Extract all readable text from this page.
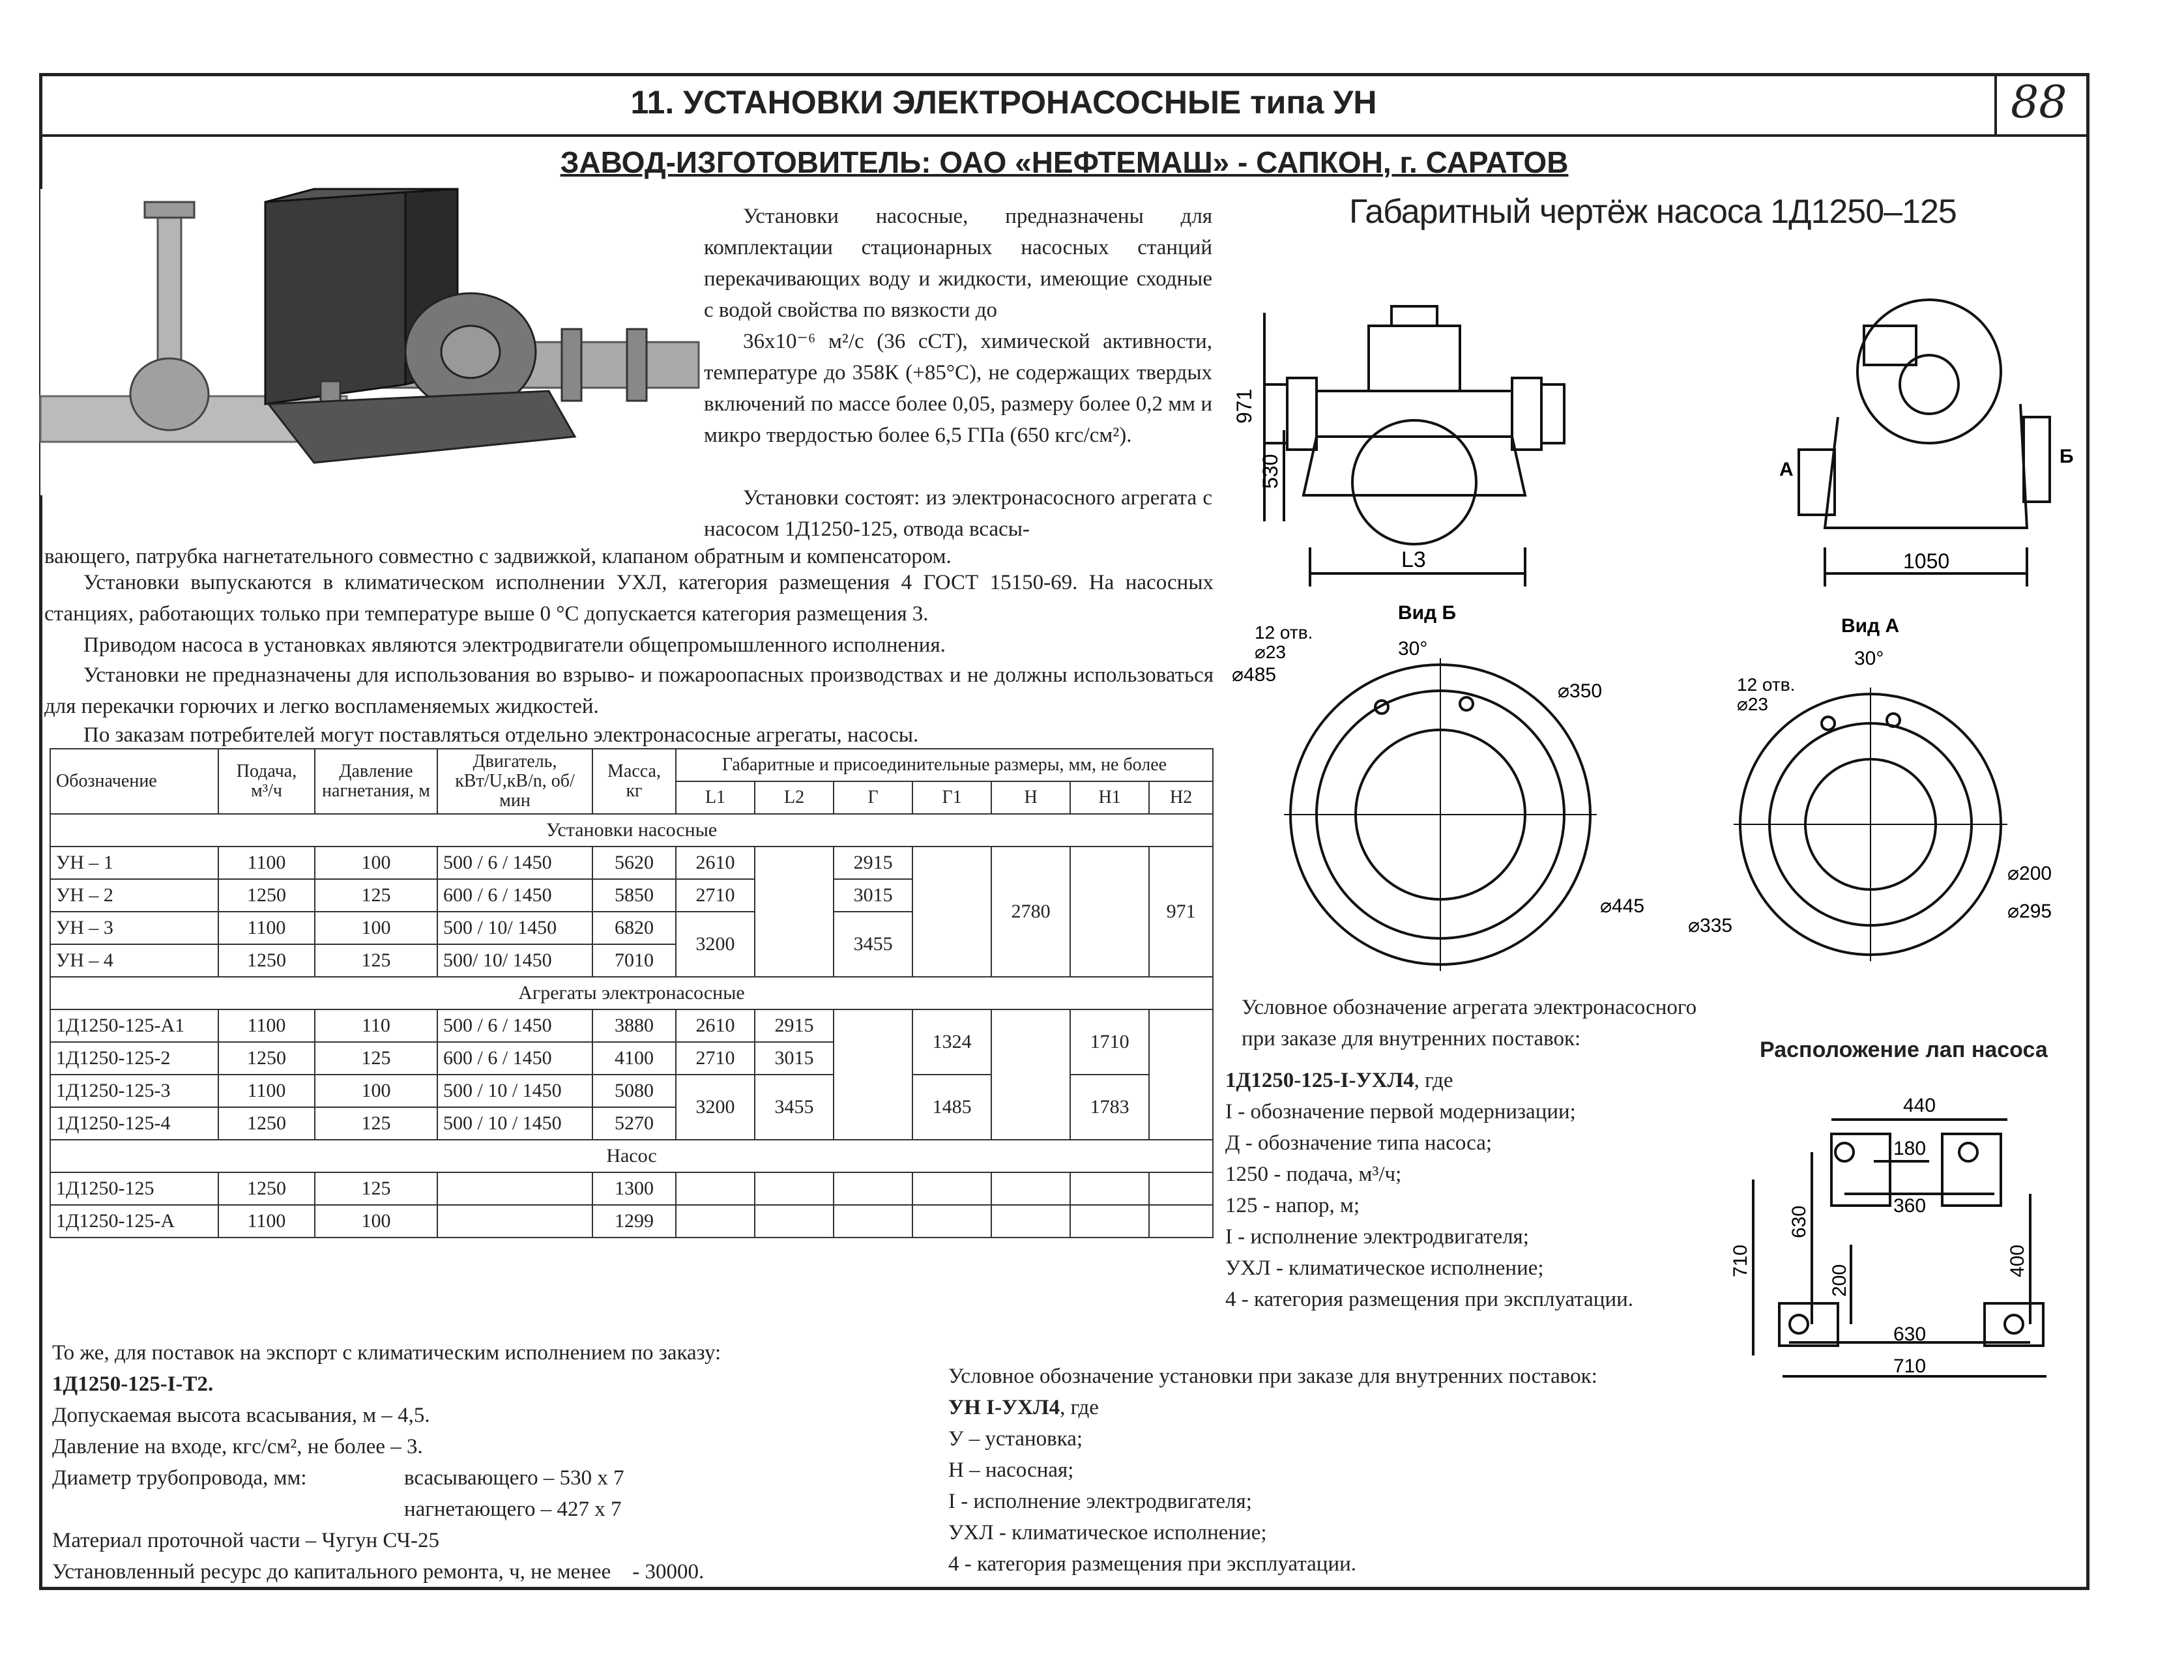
11. УСТАНОВКИ ЭЛЕКТРОНАСОСНЫЕ типа УН	88
ЗАВОД-ИЗГОТОВИТЕЛЬ: ОАО «НЕФТЕМАШ» - САПКОН, г. САРАТОВ
Установки насосные, предназначены для комплектации стационарных насосных станций перекачивающих воду и жидкости, имеющие сходные с водой свойства по вязкости до
36х10⁻⁶ м²/с (36 сСТ), химической активности, температуре до 358К (+85°С), не содержащих твердых включений по массе более 0,05, размеру более 0,2 мм и микро твердостью более 6,5 ГПа (650 кгс/см²).
Установки состоят: из электронасосного агрегата с насосом 1Д1250-125, отвода всасы-
вающего, патрубка нагнетательного совместно с задвижкой, клапаном обратным и компенсатором.
Установки выпускаются в климатическом исполнении УХЛ, категория размещения 4 ГОСТ 15150-69. На насосных станциях, работающих только при температуре выше 0 °С допускается категория размещения 3.
Приводом насоса в установках являются электродвигатели общепромышленного исполнения.
Установки не предназначены для использования во взрыво- и пожароопасных производствах и не должны использоваться для перекачки горючих и легко воспламеняемых жидкостей.
По заказам потребителей могут поставляться отдельно электронасосные агрегаты, насосы.
Габаритный чертёж насоса 1Д1250–125
971
530
L3
А
Б
1050
Вид Б
12 отв.
⌀23
⌀485
30°
⌀350
⌀445
Вид А
12 отв.
⌀23
30°
⌀200
⌀295
⌀335
Обозначение	Подача, м³/ч	Давление нагнетания, м	Двигатель, кВт/U,кВ/n, об/мин	Масса, кг	Габаритные и присоединительные размеры, мм, не более						
					L1	L2	Г	Г1	Н	Н1	Н2
Установки насосные											
УН – 1	1100	100	500 / 6 / 1450	5620	2610		2915		2780		971
УН – 2	1250	125	600 / 6 / 1450	5850	2710		3015				
УН – 3	1100	100	500 / 10/ 1450	6820	3200		3455				
УН – 4	1250	125	500/ 10/ 1450	7010							
Агрегаты электронасосные											
1Д1250-125-А1	1100	110	500 / 6 / 1450	3880	2610	2915		1324		1710	
1Д1250-125-2	1250	125	600 / 6 / 1450	4100	2710	3015					
1Д1250-125-3	1100	100	500 / 10 / 1450	5080	3200	3455		1485		1783	
1Д1250-125-4	1250	125	500 / 10 / 1450	5270							
Насос											
1Д1250-125	1250	125		1300							
1Д1250-125-А	1100	100		1299							
Условное обозначение агрегата электронасосного
при заказе для внутренних поставок:
1Д1250-125-I-УХЛ4, где
I - обозначение первой модернизации;
Д - обозначение типа насоса;
1250 - подача, м³/ч;
125 - напор, м;
I - исполнение электродвигателя;
УХЛ - климатическое исполнение;
4 - категория размещения при эксплуатации.
Расположение лап насоса
440
180
360
630
710
200
400
630
710
То же, для поставок на экспорт с климатическим исполнением по заказу:
1Д1250-125-I-Т2.
Допускаемая высота всасывания, м – 4,5.
Давление на входе, кгс/см², не более – 3.
Диаметр трубопровода, мм:	всасывающего – 530 х 7
нагнетающего – 427 х 7
Материал проточной части – Чугун СЧ-25
Установленный ресурс до капитального ремонта, ч, не менее - 30000.
Условное обозначение установки при заказе для внутренних поставок:
УН I-УХЛ4, где
У – установка;
Н – насосная;
I - исполнение электродвигателя;
УХЛ - климатическое исполнение;
4 - категория размещения при эксплуатации.
